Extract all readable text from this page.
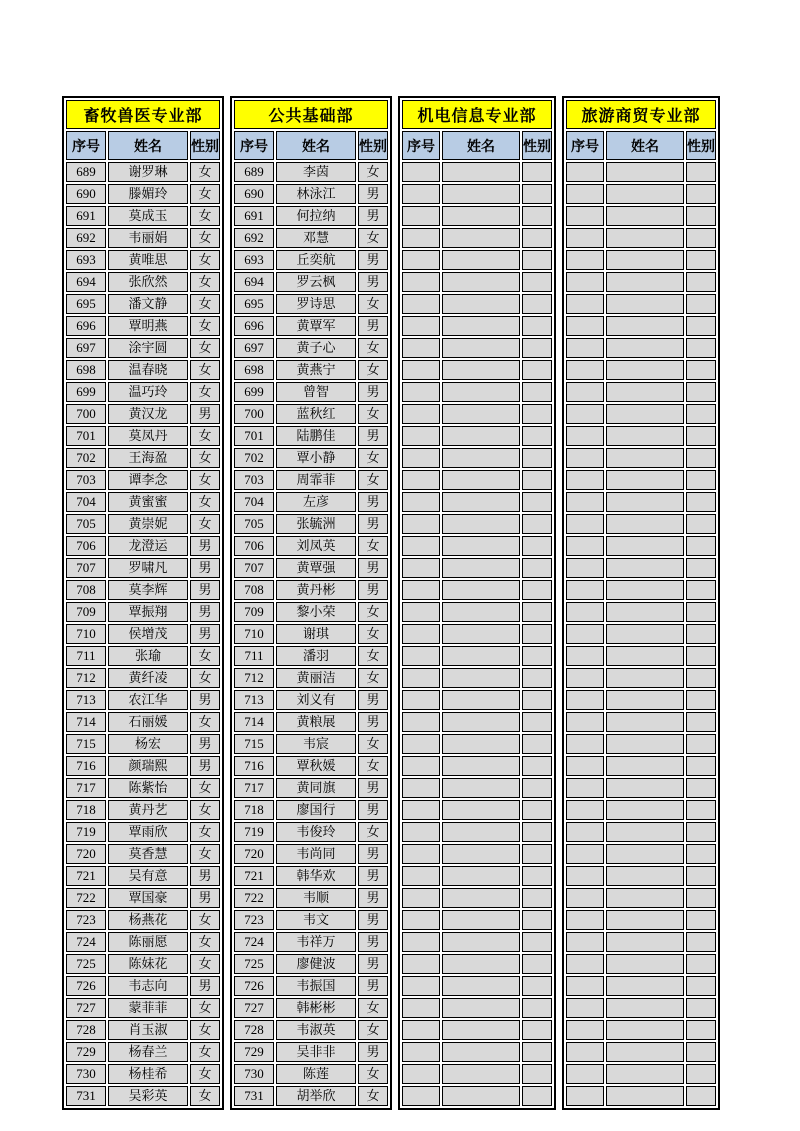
畜牧兽医专业部		
序号	姓名	性别
689	谢罗琳	女
690	滕媚玲	女
691	莫成玉	女
692	韦丽娟	女
693	黄唯思	女
694	张欣然	女
695	潘文静	女
696	覃明燕	女
697	涂宇圆	女
698	温春晓	女
699	温巧玲	女
700	黄汉龙	男
701	莫凤丹	女
702	王海盈	女
703	谭李念	女
704	黄蜜蜜	女
705	黄崇妮	女
706	龙澄运	男
707	罗啸凡	男
708	莫李辉	男
709	覃振翔	男
710	侯增茂	男
711	张瑜	女
712	黄纤凌	女
713	农江华	男
714	石丽媛	女
715	杨宏	男
716	颜瑞熙	男
717	陈紫怡	女
718	黄丹艺	女
719	覃雨欣	女
720	莫香慧	女
721	吴有意	男
722	覃国豪	男
723	杨燕花	女
724	陈丽愿	女
725	陈妹花	女
726	韦志向	男
727	蒙菲菲	女
728	肖玉淑	女
729	杨春兰	女
730	杨桂希	女
731	吴彩英	女
公共基础部		
序号	姓名	性别
689	李茵	女
690	林泳江	男
691	何拉纳	男
692	邓慧	女
693	丘奕航	男
694	罗云枫	男
695	罗诗思	女
696	黄覃军	男
697	黄子心	女
698	黄燕宁	女
699	曾智	男
700	蓝秋红	女
701	陆鹏佳	男
702	覃小静	女
703	周霏菲	女
704	左彦	男
705	张毓洲	男
706	刘凤英	女
707	黄覃强	男
708	黄丹彬	男
709	黎小荣	女
710	谢琪	女
711	潘羽	女
712	黄丽洁	女
713	刘义有	男
714	黄粮展	男
715	韦宸	女
716	覃秋媛	女
717	黄同旗	男
718	廖国行	男
719	韦俊玲	女
720	韦尚同	男
721	韩华欢	男
722	韦顺	男
723	韦文	男
724	韦祥万	男
725	廖健波	男
726	韦振国	男
727	韩彬彬	女
728	韦淑英	女
729	吴非非	男
730	陈莲	女
731	胡举欣	女
机电信息专业部		
序号	姓名	性别

旅游商贸专业部		
序号	姓名	性别
